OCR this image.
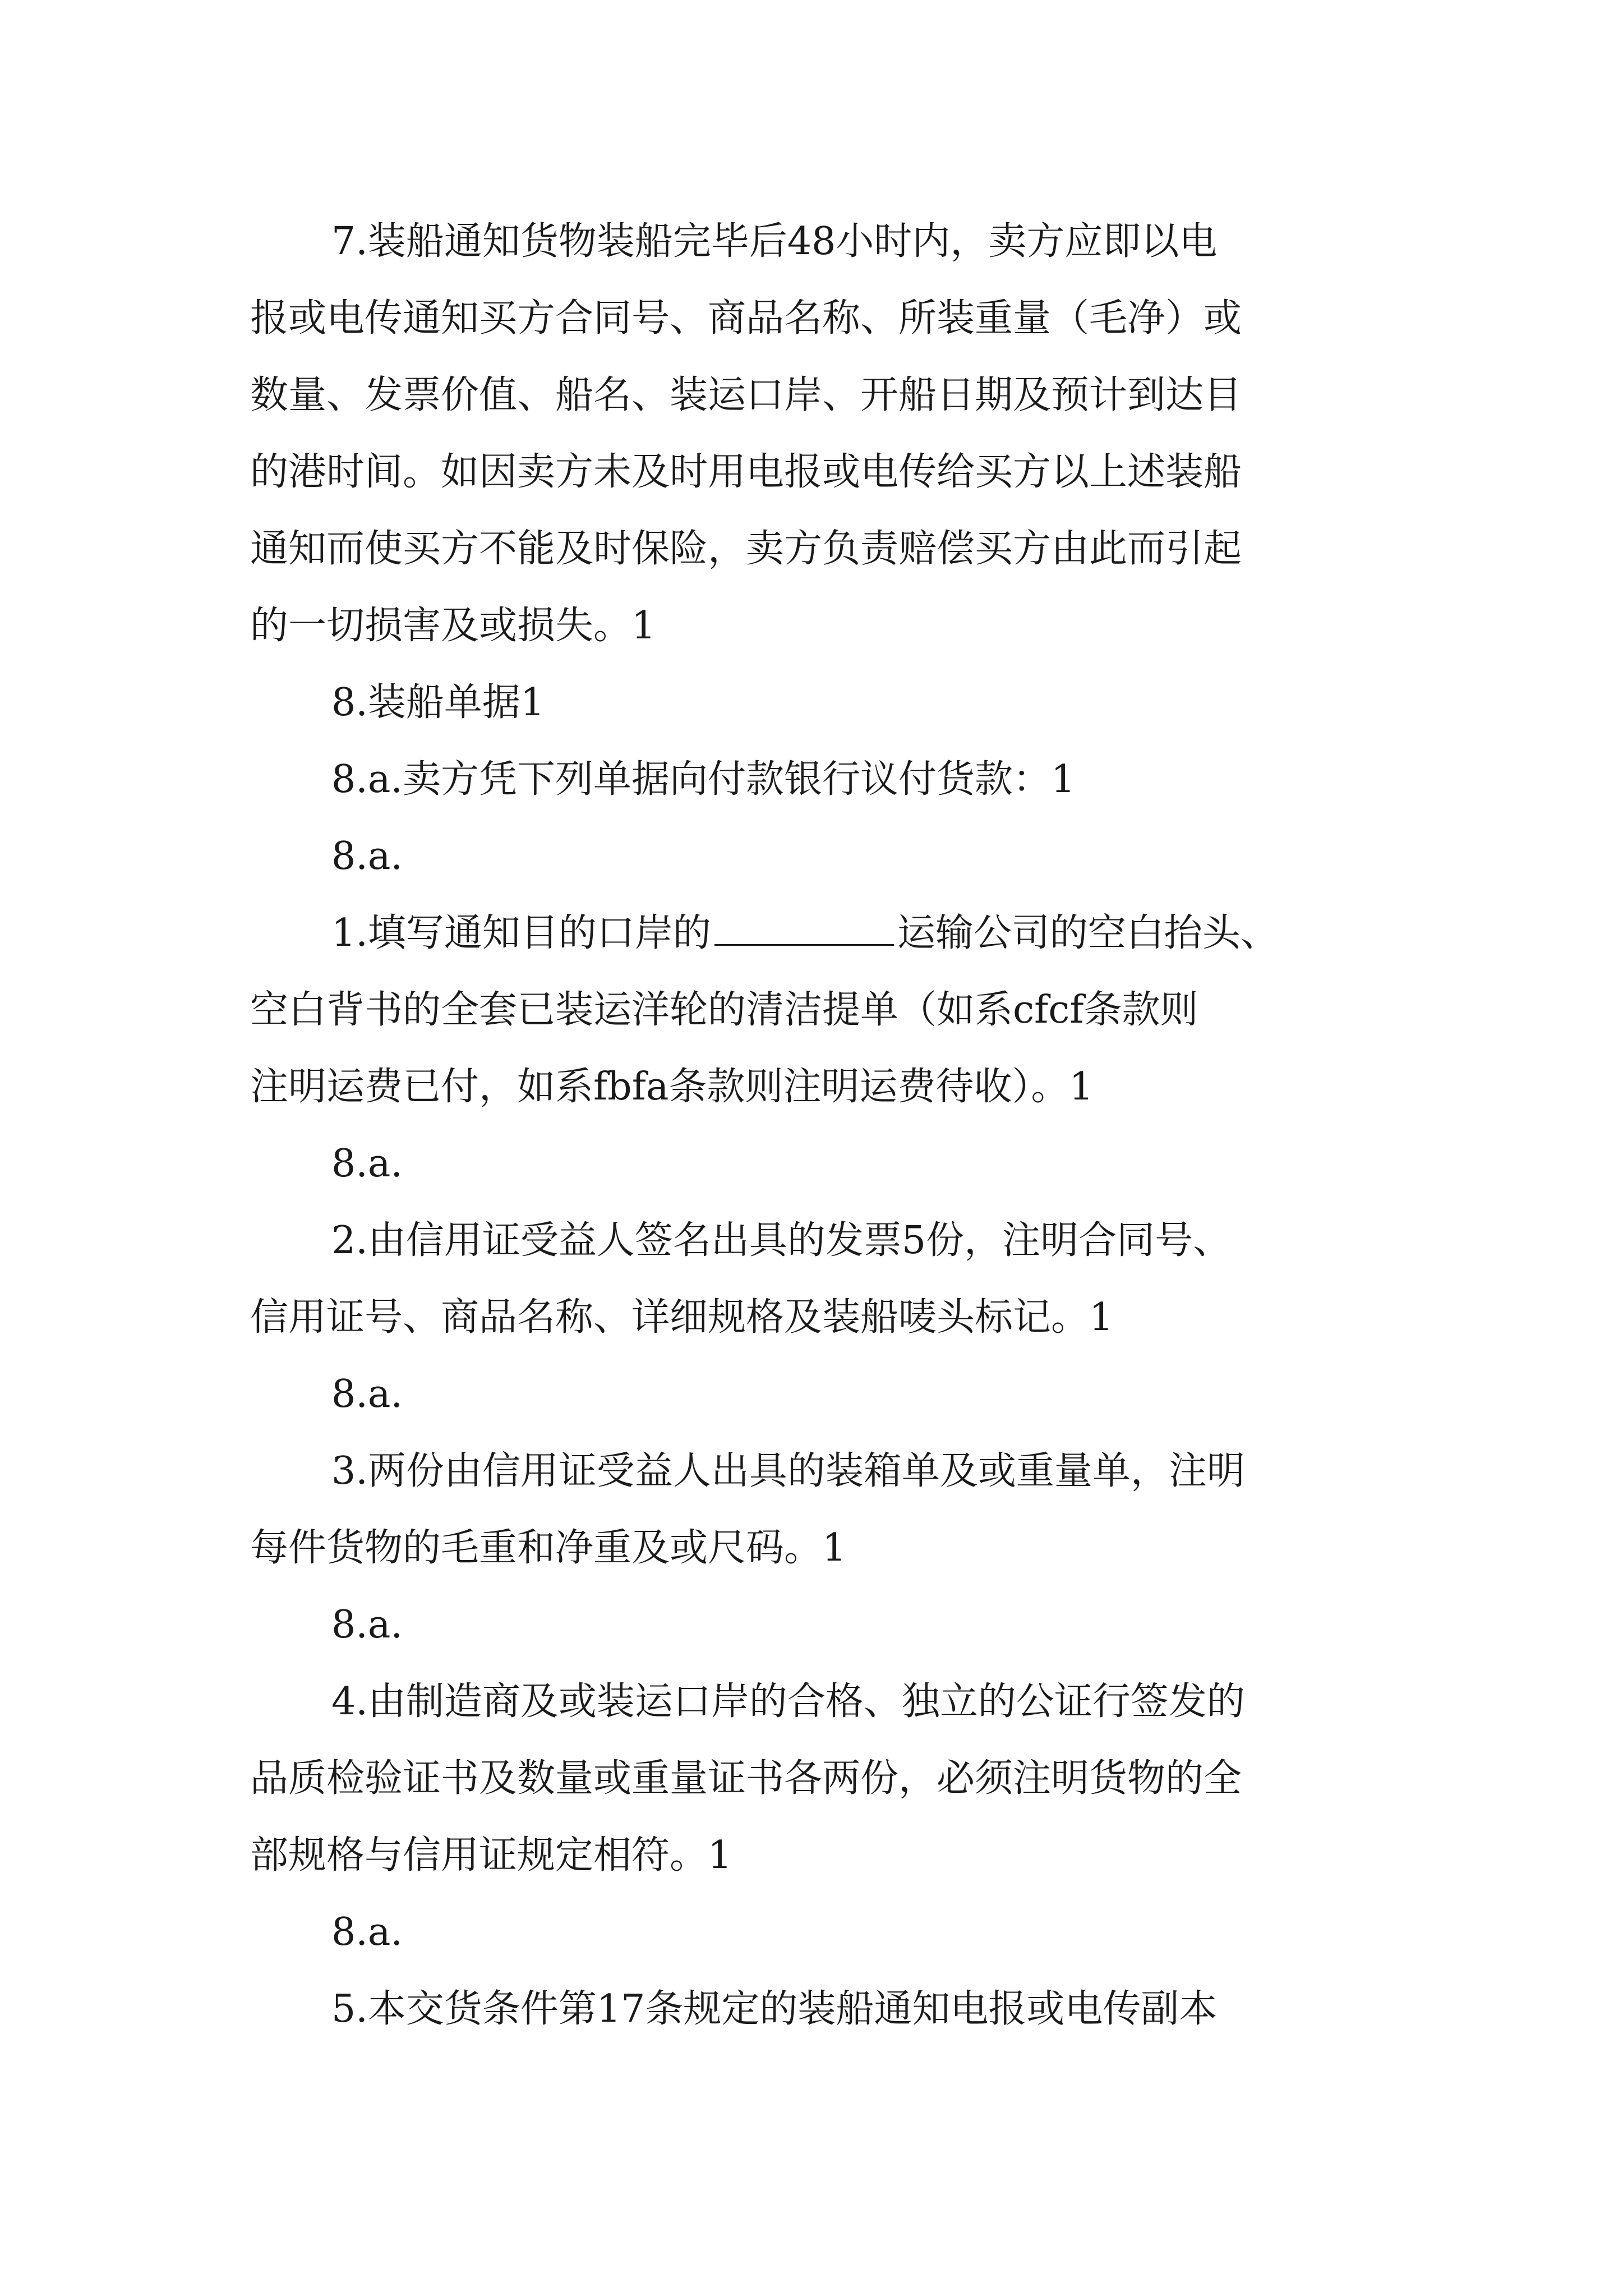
7.装船通知货物装船完毕后48小时内，卖方应即以电
报或电传通知买方合同号、商品名称、所装重量（毛净）或
数量、发票价值、船名、装运口岸、开船日期及预计到达目
的港时间。如因卖方未及时用电报或电传给买方以上述装船
通知而使买方不能及时保险，卖方负责赔偿买方由此而引起
的一切损害及或损失。1
8.装船单据1
8.a.卖方凭下列单据向付款银行议付货款：1
8.a.
1.填写通知目的口岸的	运输公司的空白抬头、
空白背书的全套已装运洋轮的清洁提单（如系cfcf条款则
注明运费已付，如系fbfa条款则注明运费待收）。1
8.a.
2.由信用证受益人签名出具的发票5份，注明合同号、
信用证号、商品名称、详细规格及装船唛头标记。1
8.a.
3.两份由信用证受益人出具的装箱单及或重量单，注明
每件货物的毛重和净重及或尺码。1
8.a.
4.由制造商及或装运口岸的合格、独立的公证行签发的
品质检验证书及数量或重量证书各两份，必须注明货物的全
部规格与信用证规定相符。1
8.a.
5.本交货条件第17条规定的装船通知电报或电传副本
